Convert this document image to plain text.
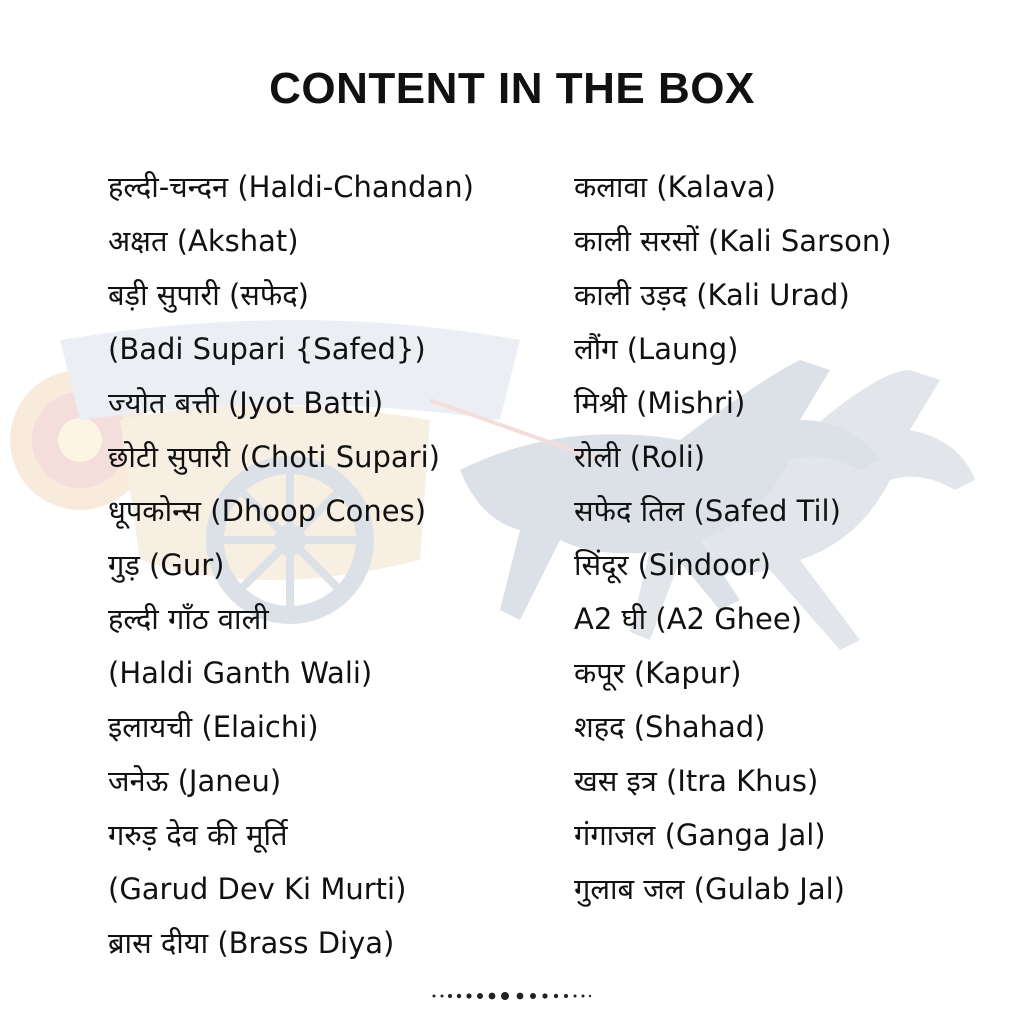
CONTENT IN THE BOX
हल्दी-चन्दन (Haldi-Chandan)
अक्षत (Akshat)
बड़ी सुपारी (सफेद)
(Badi Supari {Safed})
ज्योत बत्ती (Jyot Batti)
छोटी सुपारी (Choti Supari)
धूपकोन्स (Dhoop Cones)
गुड़ (Gur)
हल्दी गाँठ वाली
(Haldi Ganth Wali)
इलायची (Elaichi)
जनेऊ (Janeu)
गरुड़ देव की मूर्ति
(Garud Dev Ki Murti)
ब्रास दीया (Brass Diya)
कलावा (Kalava)
काली सरसों (Kali Sarson)
काली उड़द (Kali Urad)
लौंग (Laung)
मिश्री (Mishri)
रोली (Roli)
सफेद तिल (Safed Til)
सिंदूर (Sindoor)
A2 घी (A2 Ghee)
कपूर (Kapur)
शहद (Shahad)
खस इत्र (Itra Khus)
गंगाजल (Ganga Jal)
गुलाब जल (Gulab Jal)
